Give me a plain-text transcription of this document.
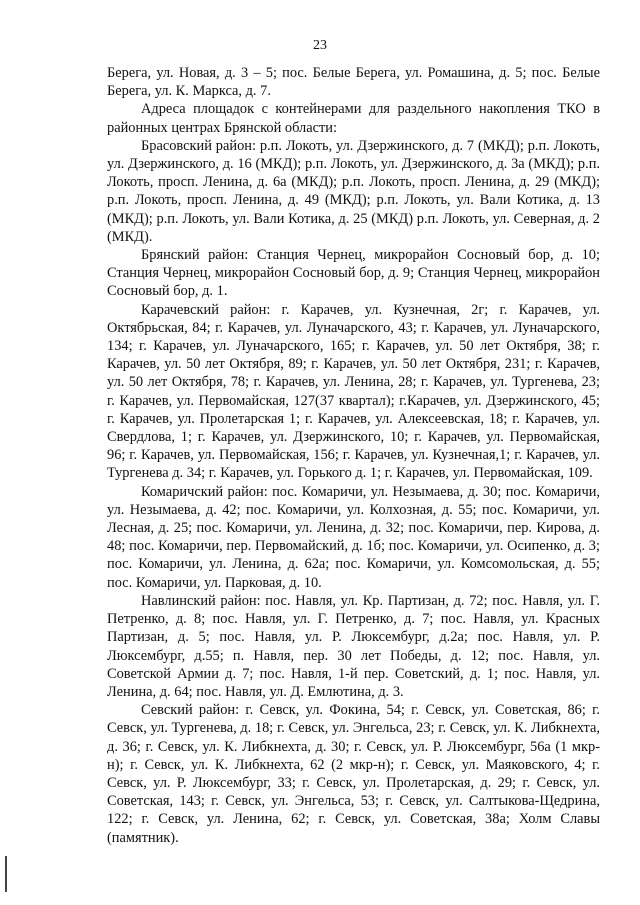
23

Берега, ул. Новая, д. 3 – 5; пос. Белые Берега, ул. Ромашина, д. 5; пос. Белые Берега, ул. К. Маркса, д. 7.

Адреса площадок с контейнерами для раздельного накопления ТКО в районных центрах Брянской области:

Брасовский район: р.п. Локоть, ул. Дзержинского, д. 7 (МКД); р.п. Локоть, ул. Дзержинского, д. 16 (МКД); р.п. Локоть, ул. Дзержинского, д. 3а (МКД); р.п. Локоть, просп. Ленина, д. 6а (МКД); р.п. Локоть, просп. Ленина, д. 29 (МКД); р.п. Локоть, просп. Ленина, д. 49 (МКД); р.п. Локоть, ул. Вали Котика, д. 13 (МКД); р.п. Локоть, ул. Вали Котика, д. 25 (МКД) р.п. Локоть, ул. Северная, д. 2 (МКД).

Брянский район: Станция Чернец, микрорайон Сосновый бор, д. 10; Станция Чернец, микрорайон Сосновый бор, д. 9; Станция Чернец, микрорайон Сосновый бор, д. 1.

Карачевский район: г. Карачев, ул. Кузнечная, 2г; г. Карачев, ул. Октябрьская, 84; г. Карачев, ул. Луначарского, 43; г. Карачев, ул. Луначарского, 134; г. Карачев, ул. Луначарского, 165; г. Карачев, ул. 50 лет Октября, 38; г. Карачев, ул. 50 лет Октября, 89; г. Карачев, ул. 50 лет Октября, 231; г. Карачев, ул. 50 лет Октября, 78; г. Карачев, ул. Ленина, 28; г. Карачев, ул. Тургенева, 23; г. Карачев, ул. Первомайская, 127(37 квартал); г.Карачев, ул. Дзержинского, 45; г. Карачев, ул. Пролетарская 1; г. Карачев, ул. Алексеевская, 18; г. Карачев, ул. Свердлова, 1; г. Карачев, ул. Дзержинского, 10; г. Карачев, ул. Первомайская, 96; г. Карачев, ул. Первомайская, 156; г. Карачев, ул. Кузнечная,1; г. Карачев, ул. Тургенева д. 34; г. Карачев, ул. Горького д. 1; г. Карачев, ул. Первомайская, 109.

Комаричский район: пос. Комаричи, ул. Незымаева, д. 30; пос. Комаричи, ул. Незымаева, д. 42; пос. Комаричи, ул. Колхозная, д. 55; пос. Комаричи, ул. Лесная, д. 25; пос. Комаричи, ул. Ленина, д. 32; пос. Комаричи, пер. Кирова, д. 48; пос. Комаричи, пер. Первомайский, д. 1б; пос. Комаричи, ул. Осипенко, д. 3; пос. Комаричи, ул. Ленина, д. 62а; пос. Комаричи, ул. Комсомольская, д. 55; пос. Комаричи, ул. Парковая, д. 10.

Навлинский район: пос. Навля, ул. Кр. Партизан, д. 72; пос. Навля, ул. Г. Петренко, д. 8; пос. Навля, ул. Г. Петренко, д. 7; пос. Навля, ул. Красных Партизан, д. 5; пос. Навля, ул. Р. Люксембург, д.2а; пос. Навля, ул. Р. Люксембург, д.55; п. Навля, пер. 30 лет Победы, д. 12; пос. Навля, ул. Советской Армии д. 7; пос. Навля, 1-й пер. Советский, д. 1; пос. Навля, ул. Ленина, д. 64; пос. Навля, ул. Д. Емлютина, д. 3.

Севский район: г. Севск, ул. Фокина, 54; г. Севск, ул. Советская, 86; г. Севск, ул. Тургенева, д. 18; г. Севск, ул. Энгельса, 23; г. Севск, ул. К. Либкнехта, д. 36; г. Севск, ул. К. Либкнехта, д. 30; г. Севск, ул. Р. Люксембург, 56а (1 мкр-н); г. Севск, ул. К. Либкнехта, 62 (2 мкр-н); г. Севск, ул. Маяковского, 4; г. Севск, ул. Р. Люксембург, 33; г. Севск, ул. Пролетарская, д. 29; г. Севск, ул. Советская, 143; г. Севск, ул. Энгельса, 53; г. Севск, ул. Салтыкова-Щедрина, 122; г. Севск, ул. Ленина, 62; г. Севск, ул. Советская, 38а; Холм Славы (памятник).
